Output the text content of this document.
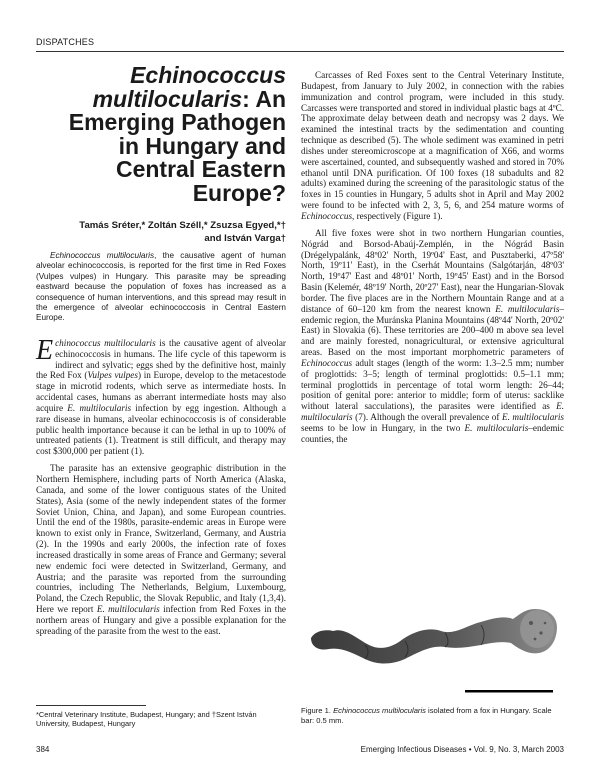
DISPATCHES
Echinococcus
multilocularis: An
Emerging Pathogen
in Hungary and
Central Eastern
Europe?
Tamás Sréter,* Zoltán Széll,* Zsuzsa Egyed,*†
and István Varga†

Echinococcus multilocularis, the causative agent of human alveolar echinococcosis, is reported for the first time in Red Foxes (Vulpes vulpes) in Hungary. This parasite may be spreading eastward because the population of foxes has increased as a consequence of human interventions, and this spread may result in the emergence of alveolar echinococcosis in Central Eastern Europe.

Echinococcus multilocularis is the causative agent of alveolar echinococcosis in humans. The life cycle of this tapeworm is indirect and sylvatic; eggs shed by the definitive host, mainly the Red Fox (Vulpes vulpes) in Europe, develop to the metacestode stage in microtid rodents, which serve as intermediate hosts. In accidental cases, humans as aberrant intermediate hosts may also acquire E. multilocularis infection by egg ingestion. Although a rare disease in humans, alveolar echinococcosis is of considerable public health importance because it can be lethal in up to 100% of untreated patients (1). Treatment is still difficult, and therapy may cost $300,000 per patient (1).

The parasite has an extensive geographic distribution in the Northern Hemisphere, including parts of North America (Alaska, Canada, and some of the lower contiguous states of the United States), Asia (some of the newly independent states of the former Soviet Union, China, and Japan), and some European countries. Until the end of the 1980s, parasite-endemic areas in Europe were known to exist only in France, Switzerland, Germany, and Austria (2). In the 1990s and early 2000s, the infection rate of foxes increased drastically in some areas of France and Germany; several new endemic foci were detected in Switzerland, Germany, and Austria; and the parasite was reported from the surrounding countries, including The Netherlands, Belgium, Luxembourg, Poland, the Czech Republic, the Slovak Republic, and Italy (1,3,4). Here we report E. multilocularis infection from Red Foxes in the northern areas of Hungary and give a possible explanation for the spreading of the parasite from the west to the east.

*Central Veterinary Institute, Budapest, Hungary; and †Szent István University, Budapest, Hungary

Carcasses of Red Foxes sent to the Central Veterinary Institute, Budapest, from January to July 2002, in connection with the rabies immunization and control program, were included in this study. Carcasses were transported and stored in individual plastic bags at 4ºC. The approximate delay between death and necropsy was 2 days. We examined the intestinal tracts by the sedimentation and counting technique as described (5). The whole sediment was examined in petri dishes under stereomicroscope at a magnification of X66, and worms were ascertained, counted, and subsequently washed and stored in 70% ethanol until DNA purification. Of 100 foxes (18 subadults and 82 adults) examined during the screening of the parasitologic status of the foxes in 15 counties in Hungary, 5 adults shot in April and May 2002 were found to be infected with 2, 3, 5, 6, and 254 mature worms of Echinococcus, respectively (Figure 1).

All five foxes were shot in two northern Hungarian counties, Nógrád and Borsod-Abaúj-Zemplén, in the Nógrád Basin (Drégelypalánk, 48º02' North, 19º04' East, and Pusztaberki, 47º58' North, 19º11' East), in the Cserhát Mountains (Salgótarján, 48º03' North, 19º47' East and 48º01' North, 19º45' East) and in the Borsod Basin (Kelemér, 48º19' North, 20º27' East), near the Hungarian-Slovak border. The five places are in the Northern Mountain Range and at a distance of 60–120 km from the nearest known E. multilocularis–endemic region, the Muránska Planina Mountains (48º44' North, 20º02' East) in Slovakia (6). These territories are 200–400 m above sea level and are mainly forested, nonagricultural, or extensive agricultural areas. Based on the most important morphometric parameters of Echinococcus adult stages (length of the worm: 1.3–2.5 mm; number of proglottids: 3–5; length of terminal proglottids: 0.5–1.1 mm; terminal proglottids in percentage of total worm length: 26–44; position of genital pore: anterior to middle; form of uterus: sacklike without lateral sacculations), the parasites were identified as E. multilocularis (7). Although the overall prevalence of E. multilocularis seems to be low in Hungary, in the two E. multilocularis–endemic counties, the

Figure 1. Echinococcus multilocularis isolated from a fox in Hungary. Scale bar: 0.5 mm.
384	Emerging Infectious Diseases • Vol. 9, No. 3, March 2003
